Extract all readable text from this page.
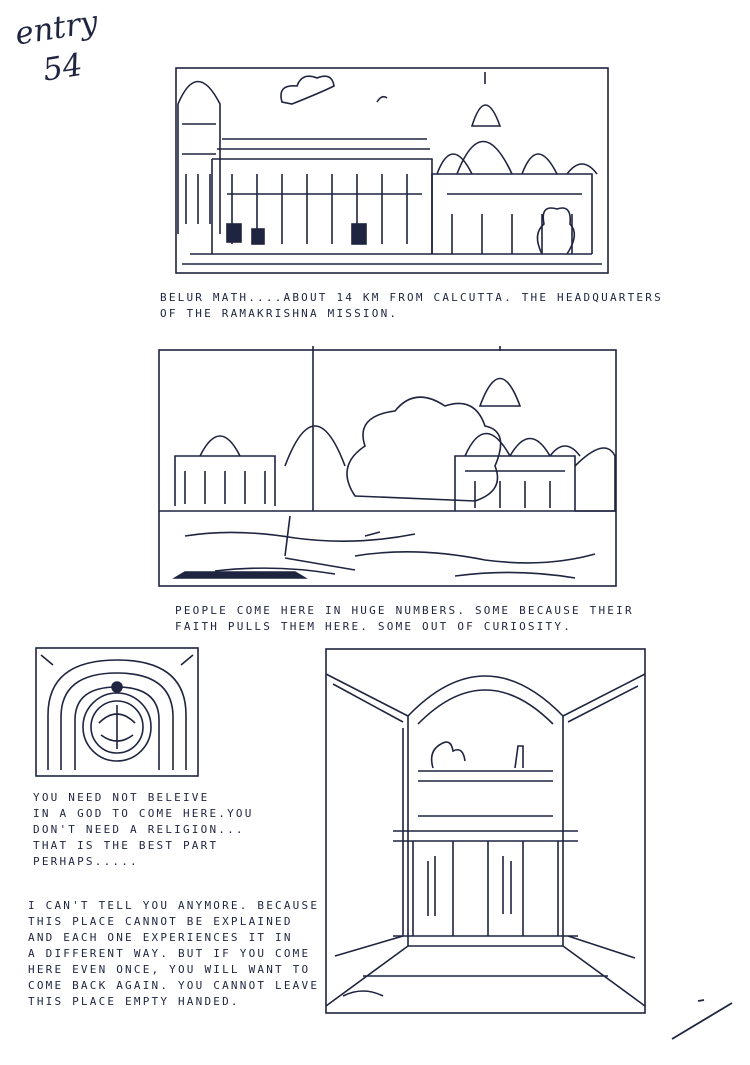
entry
54
BELUR MATH....ABOUT 14 KM FROM CALCUTTA. THE HEADQUARTERS
OF THE RAMAKRISHNA MISSION.
PEOPLE COME HERE IN HUGE NUMBERS. SOME BECAUSE THEIR
FAITH PULLS THEM HERE. SOME OUT OF CURIOSITY.
YOU NEED NOT BELEIVE
IN A GOD TO COME HERE.YOU
DON'T NEED A RELIGION...
THAT IS THE BEST PART
PERHAPS.....
I CAN'T TELL YOU ANYMORE. BECAUSE
THIS PLACE CANNOT BE EXPLAINED
AND EACH ONE EXPERIENCES IT IN
A DIFFERENT WAY. BUT IF YOU COME
HERE EVEN ONCE, YOU WILL WANT TO
COME BACK AGAIN. YOU CANNOT LEAVE
THIS PLACE EMPTY HANDED.
